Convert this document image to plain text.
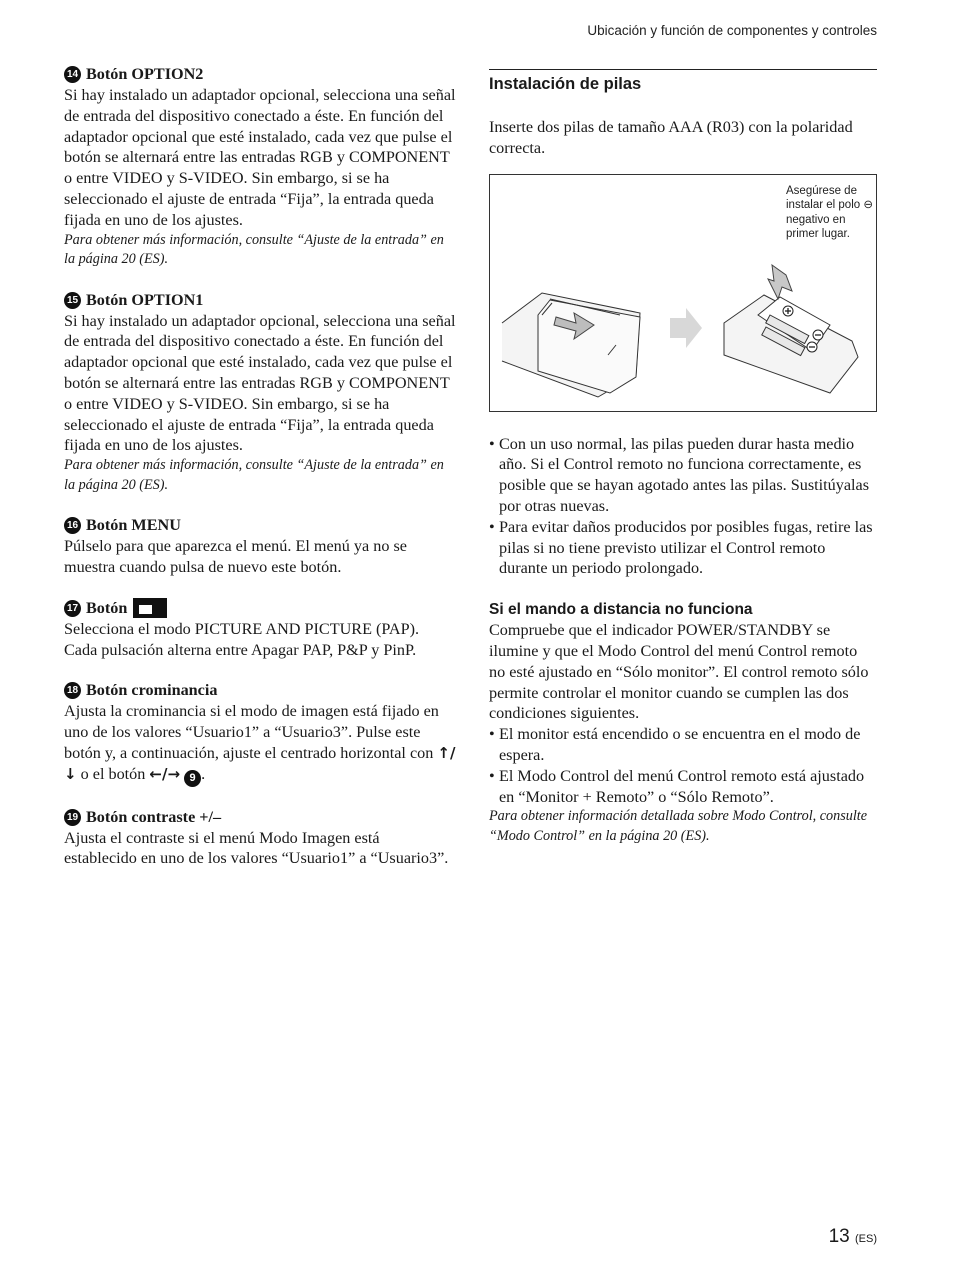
Ubicación y función de componentes y controles
14 Botón OPTION2
Si hay instalado un adaptador opcional, selecciona una señal de entrada del dispositivo conectado a éste. En función del adaptador opcional que esté instalado, cada vez que pulse el botón se alternará entre las entradas RGB y COMPONENT o entre VIDEO y S-VIDEO. Sin embargo, si se ha seleccionado el ajuste de entrada “Fija”, la entrada queda fijada en uno de los ajustes.
Para obtener más información, consulte “Ajuste de la entrada” en la página 20 (ES).
15 Botón OPTION1
Si hay instalado un adaptador opcional, selecciona una señal de entrada del dispositivo conectado a éste. En función del adaptador opcional que esté instalado, cada vez que pulse el botón se alternará entre las entradas RGB y COMPONENT o entre VIDEO y S-VIDEO. Sin embargo, si se ha seleccionado el ajuste de entrada “Fija”, la entrada queda fijada en uno de los ajustes.
Para obtener más información, consulte “Ajuste de la entrada” en la página 20 (ES).
16 Botón MENU
Púlselo para que aparezca el menú. El menú ya no se muestra cuando pulsa de nuevo este botón.
17 Botón
Selecciona el modo PICTURE AND PICTURE (PAP). Cada pulsación alterna entre Apagar PAP, P&P y PinP.
18 Botón crominancia
Ajusta la crominancia si el modo de imagen está fijado en uno de los valores “Usuario1” a “Usuario3”. Pulse este botón y, a continuación, ajuste el centrado horizontal con ↑/↓ o el botón ←/→ 9 .
19 Botón contraste +/–
Ajusta el contraste si el menú Modo Imagen está establecido en uno de los valores “Usuario1” a “Usuario3”.
Instalación de pilas
Inserte dos pilas de tamaño AAA (R03) con la polaridad correcta.
Asegúrese de instalar el polo ⊖ negativo en primer lugar.
• Con un uso normal, las pilas pueden durar hasta medio año. Si el Control remoto no funciona correctamente, es posible que se hayan agotado antes las pilas. Sustitúyalas por otras nuevas.
• Para evitar daños producidos por posibles fugas, retire las pilas si no tiene previsto utilizar el Control remoto durante un periodo prolongado.
Si el mando a distancia no funciona
Compruebe que el indicador POWER/STANDBY se ilumine y que el Modo Control del menú Control remoto no esté ajustado en “Sólo monitor”. El control remoto sólo permite controlar el monitor cuando se cumplen las dos condiciones siguientes.
• El monitor está encendido o se encuentra en el modo de espera.
• El Modo Control del menú Control remoto está ajustado en “Monitor + Remoto” o “Sólo Remoto”.
Para obtener información detallada sobre Modo Control, consulte “Modo Control” en la página 20 (ES).
13 (ES)
